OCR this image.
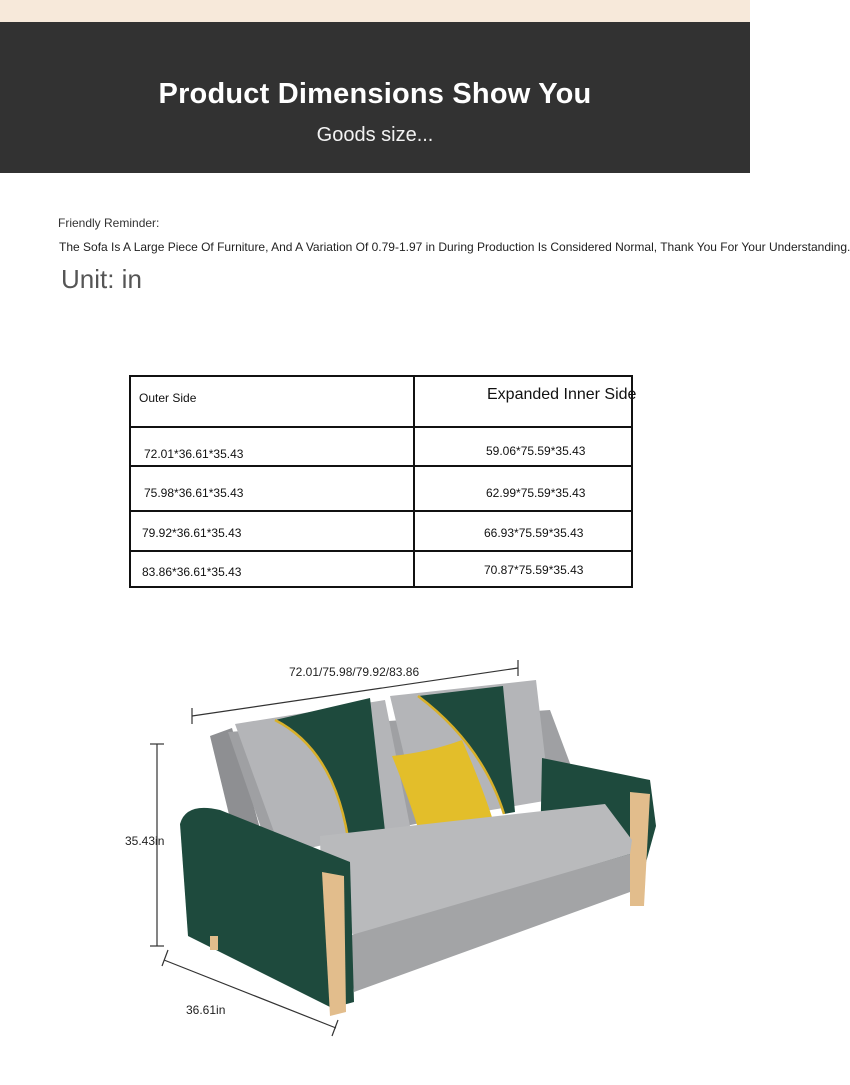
Product Dimensions Show You
Goods size...
Friendly Reminder:
The Sofa Is A Large Piece Of Furniture, And A Variation Of 0.79-1.97 in During Production Is Considered Normal, Thank You For Your Understanding.
Unit: in
Outer Side	Expanded Inner Side
72.01*36.61*35.43	59.06*75.59*35.43
75.98*36.61*35.43	62.99*75.59*35.43
79.92*36.61*35.43	66.93*75.59*35.43
83.86*36.61*35.43	70.87*75.59*35.43
72.01/75.98/79.92/83.86
35.43in
36.61in
